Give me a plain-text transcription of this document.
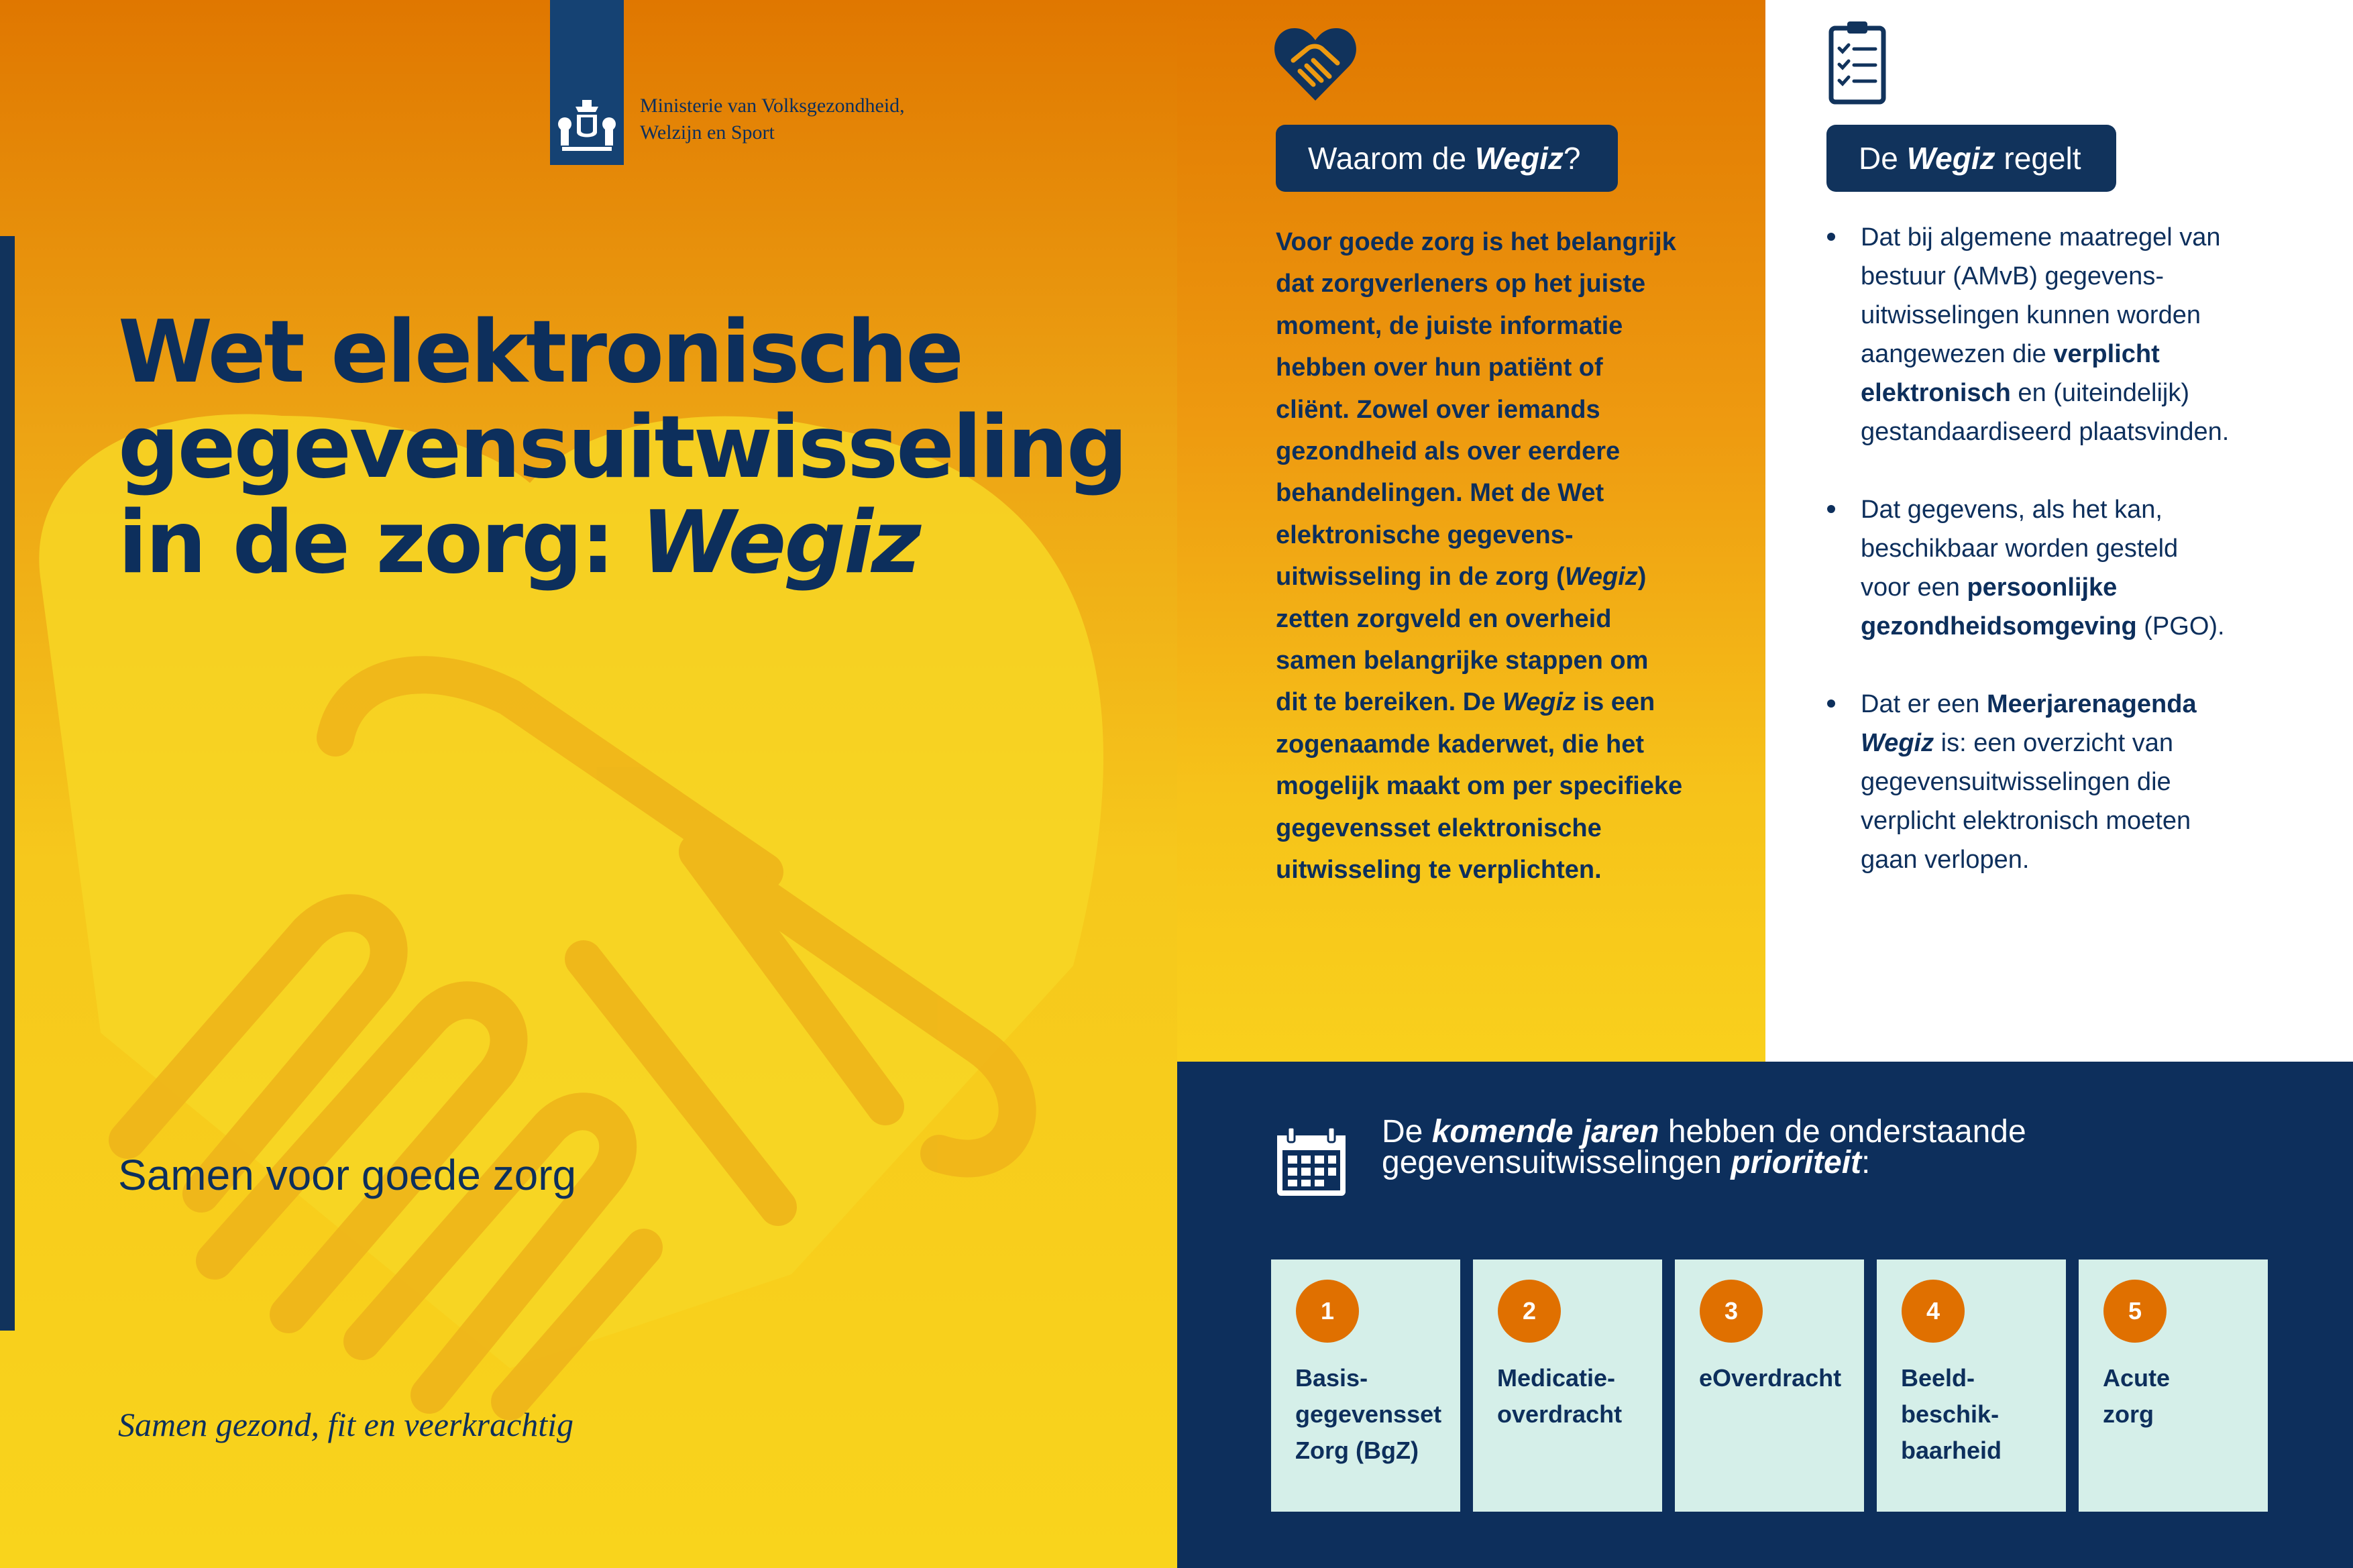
Ministerie van Volksgezondheid,
Welzijn en Sport
Wet elektronische
gegevensuitwisseling
in de zorg: Wegiz
Samen voor goede zorg
Samen gezond, fit en veerkrachtig
Waarom de Wegiz?
Voor goede zorg is het belangrijk
dat zorgverleners op het juiste
moment, de juiste informatie
hebben over hun patiënt of
cliënt. Zowel over iemands
gezondheid als over eerdere
behandelingen. Met de Wet
elektronische gegevens-
uitwisseling in de zorg (Wegiz)
zetten zorgveld en overheid
samen belangrijke stappen om
dit te bereiken. De Wegiz is een
zogenaamde kaderwet, die het
mogelijk maakt om per specifieke
gegevensset elektronische
uitwisseling te verplichten.
De Wegiz regelt
Dat bij algemene maatregel van
bestuur (AMvB) gegevens-
uitwisselingen kunnen worden
aangewezen die verplicht
elektronisch en (uiteindelijk)
gestandaardiseerd plaatsvinden.
Dat gegevens, als het kan,
beschikbaar worden gesteld
voor een persoonlijke
gezondheidsomgeving (PGO).
Dat er een Meerjarenagenda
Wegiz is: een overzicht van
gegevensuitwisselingen die
verplicht elektronisch moeten
gaan verlopen.
De komende jaren hebben de onderstaande
gegevensuitwisselingen prioriteit:
1
Basis-
gegevensset
Zorg (BgZ)
2
Medicatie-
overdracht
3
eOverdracht
4
Beeld-
beschik-
baarheid
5
Acute
zorg
